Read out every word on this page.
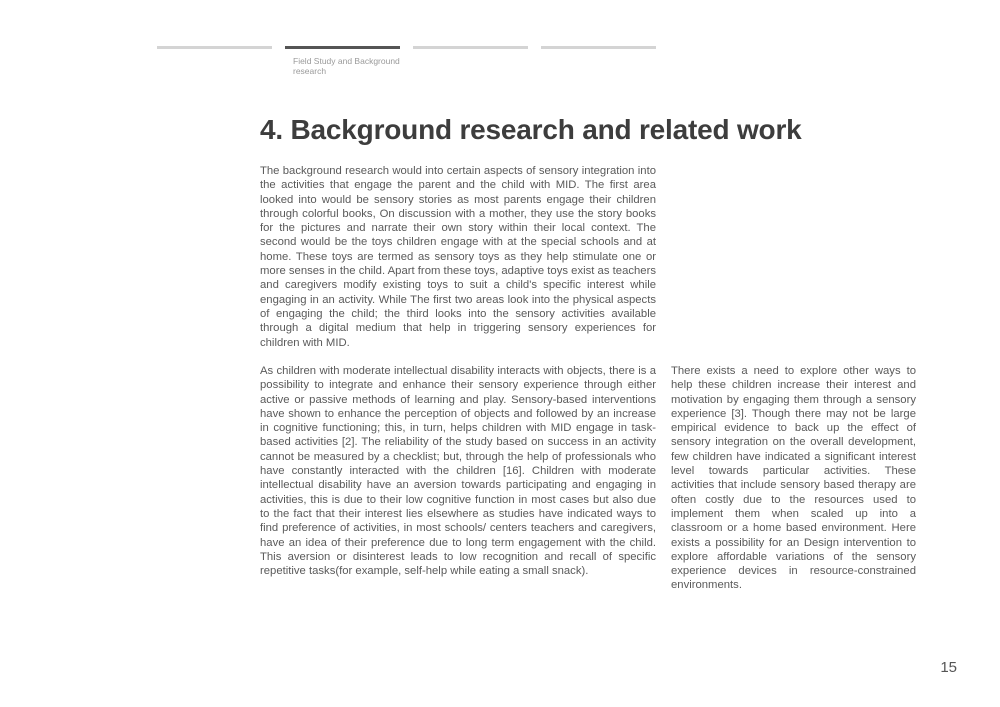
Field Study and Background research
4. Background research and related work

The background research would into certain aspects of sensory integration into the activities that engage the parent and the child with MID. The first area looked into would be sensory stories as most parents engage their children through colorful books, On discussion with a mother, they use the story books for the pictures and narrate their own story within their local context. The second would be the toys children engage with at the special schools and at home. These toys are termed as sensory toys as they help stimulate one or more senses in the child. Apart from these toys, adaptive toys exist as teachers and caregivers modify existing toys to suit a child's specific interest while engaging in an activity. While The first two areas look into the physical aspects of engaging the child; the third looks into the sensory activities available through a digital medium that help in triggering sensory experiences for children with MID.

As children with moderate intellectual disability interacts with objects, there is a possibility to integrate and enhance their sensory experience through either active or passive methods of learning and play. Sensory-based interventions have shown to enhance the perception of objects and followed by an increase in cognitive functioning; this, in turn, helps children with MID engage in task-based activities [2]. The reliability of the study based on success in an activity cannot be measured by a checklist; but, through the help of professionals who have constantly interacted with the children [16]. Children with moderate intellectual disability have an aversion towards participating and engaging in activities, this is due to their low cognitive function in most cases but also due to the fact that their interest lies elsewhere as studies have indicated ways to find preference of activities, in most schools/ centers teachers and caregivers, have an idea of their preference due to long term engagement with the child. This aversion or disinterest leads to low recognition and recall of specific repetitive tasks(for example, self-help while eating a small snack).

There exists a need to explore other ways to help these children increase their interest and motivation by engaging them through a sensory experience [3]. Though there may not be large empirical evidence to back up the effect of sensory integration on the overall development, few children have indicated a significant interest level towards particular activities. These activities that include sensory based therapy are often costly due to the resources used to implement them when scaled up into a classroom or a home based environment. Here exists a possibility for an Design intervention to explore affordable variations of the sensory experience devices in resource-constrained environments.

15
